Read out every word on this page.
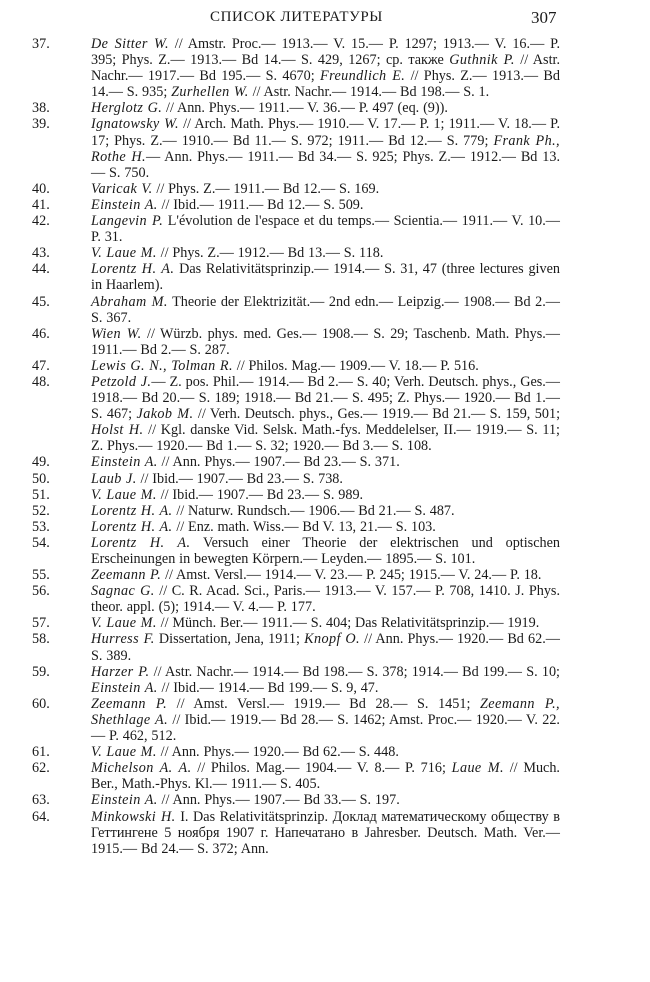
СПИСОК ЛИТЕРАТУРЫ	307
37.	De Sitter W. // Amstr. Proc.— 1913.— V. 15.— P. 1297; 1913.— V. 16.— P. 395; Phys. Z.— 1913.— Bd 14.— S. 429, 1267; ср. также Guthnik P. // Astr. Nachr.— 1917.— Bd 195.— S. 4670; Freundlich E. // Phys. Z.— 1913.— Bd 14.— S. 935; Zurhellen W. // Astr. Nachr.— 1914.— Bd 198.— S. 1.
38.	Herglotz G. // Ann. Phys.— 1911.— V. 36.— P. 497 (eq. (9)).
39.	Ignatowsky W. // Arch. Math. Phys.— 1910.— V. 17.— P. 1; 1911.— V. 18.— P. 17; Phys. Z.— 1910.— Bd 11.— S. 972; 1911.— Bd 12.— S. 779; Frank Ph., Rothe H.— Ann. Phys.— 1911.— Bd 34.— S. 925; Phys. Z.— 1912.— Bd 13.— S. 750.
40.	Varicak V. // Phys. Z.— 1911.— Bd 12.— S. 169.
41.	Einstein A. // Ibid.— 1911.— Bd 12.— S. 509.
42.	Langevin P. L'évolution de l'espace et du temps.— Scientia.— 1911.— V. 10.— P. 31.
43.	V. Laue M. // Phys. Z.— 1912.— Bd 13.— S. 118.
44.	Lorentz H. A. Das Relativitätsprinzip.— 1914.— S. 31, 47 (three lectures given in Haarlem).
45.	Abraham M. Theorie der Elektrizität.— 2nd edn.— Leipzig.— 1908.— Bd 2.— S. 367.
46.	Wien W. // Würzb. phys. med. Ges.— 1908.— S. 29; Taschenb. Math. Phys.— 1911.— Bd 2.— S. 287.
47.	Lewis G. N., Tolman R. // Philos. Mag.— 1909.— V. 18.— P. 516.
48.	Petzold J.— Z. pos. Phil.— 1914.— Bd 2.— S. 40; Verh. Deutsch. phys., Ges.— 1918.— Bd 20.— S. 189; 1918.— Bd 21.— S. 495; Z. Phys.— 1920.— Bd 1.— S. 467; Jakob M. // Verh. Deutsch. phys., Ges.— 1919.— Bd 21.— S. 159, 501; Holst H. // Kgl. danske Vid. Selsk. Math.-fys. Meddelelser, II.— 1919.— S. 11; Z. Phys.— 1920.— Bd 1.— S. 32; 1920.— Bd 3.— S. 108.
49.	Einstein A. // Ann. Phys.— 1907.— Bd 23.— S. 371.
50.	Laub J. // Ibid.— 1907.— Bd 23.— S. 738.
51.	V. Laue M. // Ibid.— 1907.— Bd 23.— S. 989.
52.	Lorentz H. A. // Naturw. Rundsch.— 1906.— Bd 21.— S. 487.
53.	Lorentz H. A. // Enz. math. Wiss.— Bd V. 13, 21.— S. 103.
54.	Lorentz H. A. Versuch einer Theorie der elektrischen und optischen Erscheinungen in bewegten Körpern.— Leyden.— 1895.— S. 101.
55.	Zeemann P. // Amst. Versl.— 1914.— V. 23.— P. 245; 1915.— V. 24.— P. 18.
56.	Sagnac G. // C. R. Acad. Sci., Paris.— 1913.— V. 157.— P. 708, 1410. J. Phys. theor. appl. (5); 1914.— V. 4.— P. 177.
57.	V. Laue M. // Münch. Ber.— 1911.— S. 404; Das Relativitätsprinzip.— 1919.
58.	Hurress F. Dissertation, Jena, 1911; Knopf O. // Ann. Phys.— 1920.— Bd 62.— S. 389.
59.	Harzer P. // Astr. Nachr.— 1914.— Bd 198.— S. 378; 1914.— Bd 199.— S. 10; Einstein A. // Ibid.— 1914.— Bd 199.— S. 9, 47.
60.	Zeemann P. // Amst. Versl.— 1919.— Bd 28.— S. 1451; Zeemann P., Shethlage A. // Ibid.— 1919.— Bd 28.— S. 1462; Amst. Proc.— 1920.— V. 22.— P. 462, 512.
61.	V. Laue M. // Ann. Phys.— 1920.— Bd 62.— S. 448.
62.	Michelson A. A. // Philos. Mag.— 1904.— V. 8.— P. 716; Laue M. // Much. Ber., Math.-Phys. Kl.— 1911.— S. 405.
63.	Einstein A. // Ann. Phys.— 1907.— Bd 33.— S. 197.
64.	Minkowski H. I. Das Relativitätsprinzip. Доклад математическому обществу в Геттингене 5 ноября 1907 г. Напечатано в Jahresber. Deutsch. Math. Ver.— 1915.— Bd 24.— S. 372; Ann.
